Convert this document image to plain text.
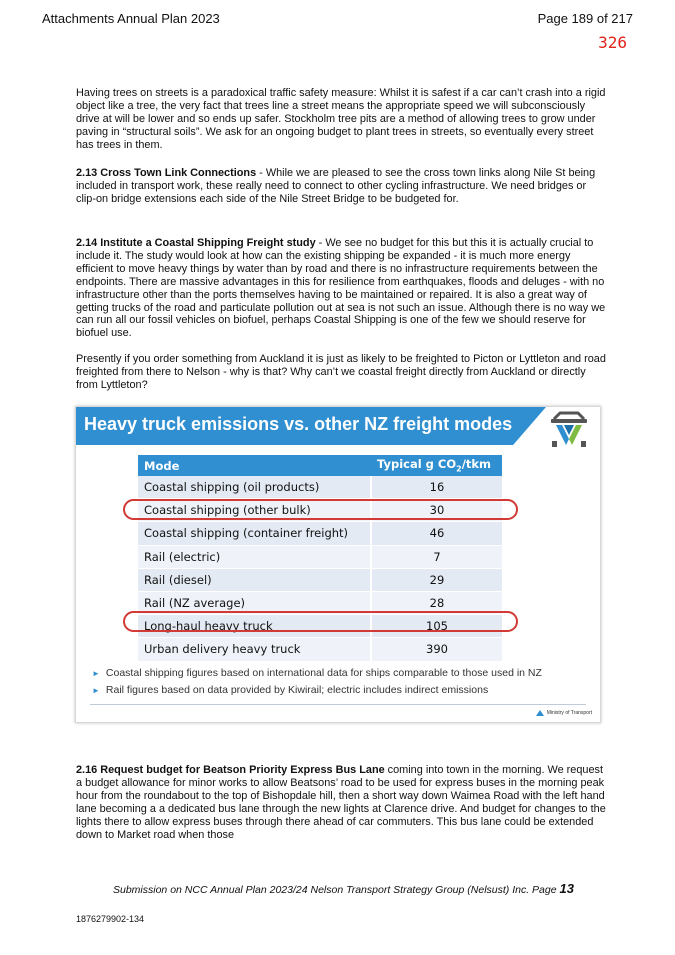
Attachments Annual Plan 2023	Page 189 of 217
326

Having trees on streets is a paradoxical traffic safety measure: Whilst it is safest if a car can’t crash into a rigid object like a tree, the very fact that trees line a street means the appropriate speed we will subconsciously drive at will be lower and so ends up safer. Stockholm tree pits are a method of allowing trees to grow under paving in “structural soils”. We ask for an ongoing budget to plant trees in streets, so eventually every street has trees in them.

2.13 Cross Town Link Connections - While we are pleased to see the cross town links along Nile St being included in transport work, these really need to connect to other cycling infrastructure. We need bridges or clip-on bridge extensions each side of the Nile Street Bridge to be budgeted for.

2.14 Institute a Coastal Shipping Freight study - We see no budget for this but this it is actually crucial to include it. The study would look at how can the existing shipping be expanded - it is much more energy efficient to move heavy things by water than by road and there is no infrastructure requirements between the endpoints. There are massive advantages in this for resilience from earthquakes, floods and deluges - with no infrastructure other than the ports themselves having to be maintained or repaired. It is also a great way of getting trucks of the road and particulate pollution out at sea is not such an issue. Although there is no way we can run all our fossil vehicles on biofuel, perhaps Coastal Shipping is one of the few we should reserve for biofuel use.

Presently if you order something from Auckland it is just as likely to be freighted to Picton or Lyttleton and road freighted from there to Nelson - why is that? Why can’t we coastal freight directly from Auckland or directly from Lyttleton?

Heavy truck emissions vs. other NZ freight modes
Mode	Typical g $CO_2$/tkm
Coastal shipping (oil products)	16
Coastal shipping (other bulk)	30
Coastal shipping (container freight)	46
Rail (electric)	7
Rail (diesel)	29
Rail (NZ average)	28
Long-haul heavy truck	105
Urban delivery heavy truck	390
► Coastal shipping figures based on international data for ships comparable to those used in NZ
► Rail figures based on data provided by Kiwirail; electric includes indirect emissions
Ministry of Transport

2.16 Request budget for Beatson Priority Express Bus Lane coming into town in the morning. We request a budget allowance for minor works to allow Beatsons’ road to be used for express buses in the morning peak hour from the roundabout to the top of Bishopdale hill, then a short way down Waimea Road with the left hand lane becoming a a dedicated bus lane through the new lights at Clarence drive. And budget for changes to the lights there to allow express buses through there ahead of car commuters. This bus lane could be extended down to Market road when those

Submission on NCC Annual Plan 2023/24 Nelson Transport Strategy Group (Nelsust) Inc. Page 13
1876279902-134
